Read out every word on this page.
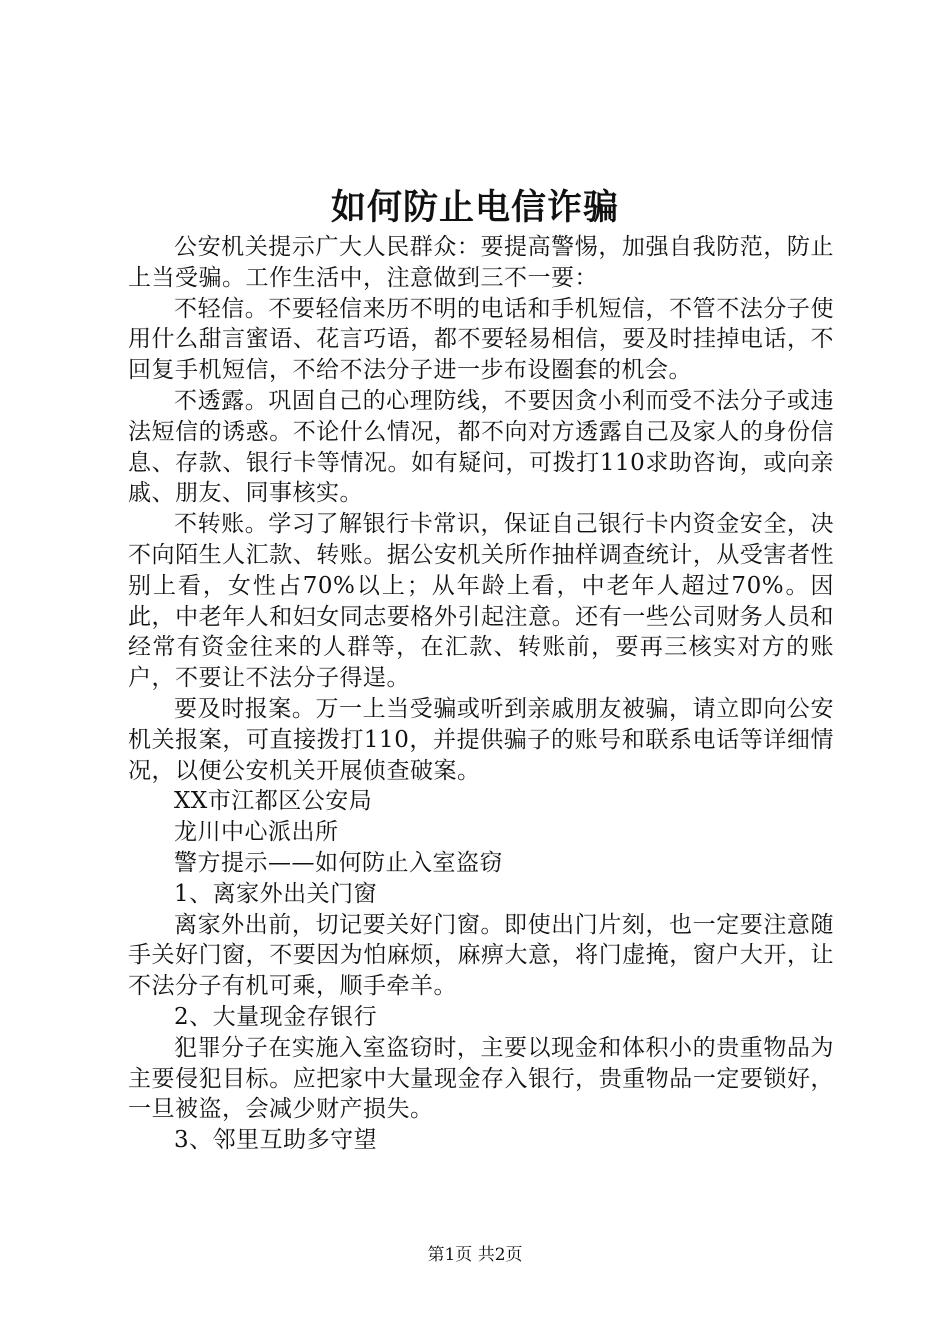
如何防止电信诈骗

公安机关提示广大人民群众：要提高警惕，加强自我防范，防止上当受骗。工作生活中，注意做到三不一要：

不轻信。不要轻信来历不明的电话和手机短信，不管不法分子使用什么甜言蜜语、花言巧语，都不要轻易相信，要及时挂掉电话，不回复手机短信，不给不法分子进一步布设圈套的机会。

不透露。巩固自己的心理防线，不要因贪小利而受不法分子或违法短信的诱惑。不论什么情况，都不向对方透露自己及家人的身份信息、存款、银行卡等情况。如有疑问，可拨打110求助咨询，或向亲戚、朋友、同事核实。

不转账。学习了解银行卡常识，保证自己银行卡内资金安全，决不向陌生人汇款、转账。据公安机关所作抽样调查统计，从受害者性别上看，女性占70%以上；从年龄上看，中老年人超过70%。因此，中老年人和妇女同志要格外引起注意。还有一些公司财务人员和经常有资金往来的人群等，在汇款、转账前，要再三核实对方的账户，不要让不法分子得逞。

要及时报案。万一上当受骗或听到亲戚朋友被骗，请立即向公安机关报案，可直接拨打110，并提供骗子的账号和联系电话等详细情况，以便公安机关开展侦查破案。

XX市江都区公安局

龙川中心派出所

警方提示——如何防止入室盗窃

1、离家外出关门窗

离家外出前，切记要关好门窗。即使出门片刻，也一定要注意随手关好门窗，不要因为怕麻烦，麻痹大意，将门虚掩，窗户大开，让不法分子有机可乘，顺手牵羊。

2、大量现金存银行

犯罪分子在实施入室盗窃时，主要以现金和体积小的贵重物品为主要侵犯目标。应把家中大量现金存入银行，贵重物品一定要锁好，一旦被盗，会减少财产损失。

3、邻里互助多守望

第1页 共2页
